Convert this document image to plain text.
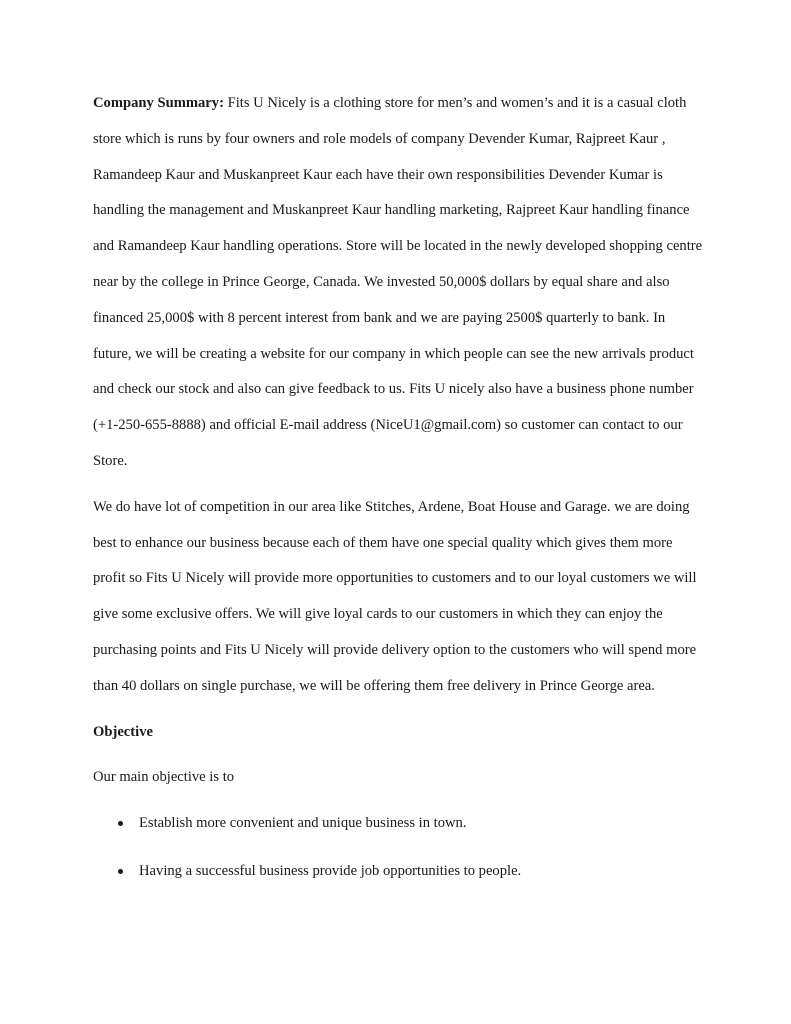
Company Summary: Fits U Nicely is a clothing store for men’s and women’s and it is a casual cloth store which is runs by four owners and role models of company Devender Kumar, Rajpreet Kaur , Ramandeep Kaur and Muskanpreet Kaur each have their own responsibilities Devender Kumar is handling the management and Muskanpreet Kaur handling marketing, Rajpreet Kaur handling finance and Ramandeep Kaur handling operations. Store will be located in the newly developed shopping centre near by the college in Prince George, Canada. We invested 50,000$ dollars by equal share and also financed 25,000$ with 8 percent interest from bank and we are paying 2500$ quarterly to bank. In future, we will be creating a website for our company in which people can see the new arrivals product and check our stock and also can give feedback to us. Fits U nicely also have a business phone number (+1-250-655-8888) and official E-mail address (NiceU1@gmail.com) so customer can contact to our Store.

We do have lot of competition in our area like Stitches, Ardene, Boat House and Garage. we are doing best to enhance our business because each of them have one special quality which gives them more profit so Fits U Nicely will provide more opportunities to customers and to our loyal customers we will give some exclusive offers. We will give loyal cards to our customers in which they can enjoy the purchasing points and Fits U Nicely will provide delivery option to the customers who will spend more than 40 dollars on single purchase, we will be offering them free delivery in Prince George area.

Objective

Our main objective is to

Establish more convenient and unique business in town.
Having a successful business provide job opportunities to people.
